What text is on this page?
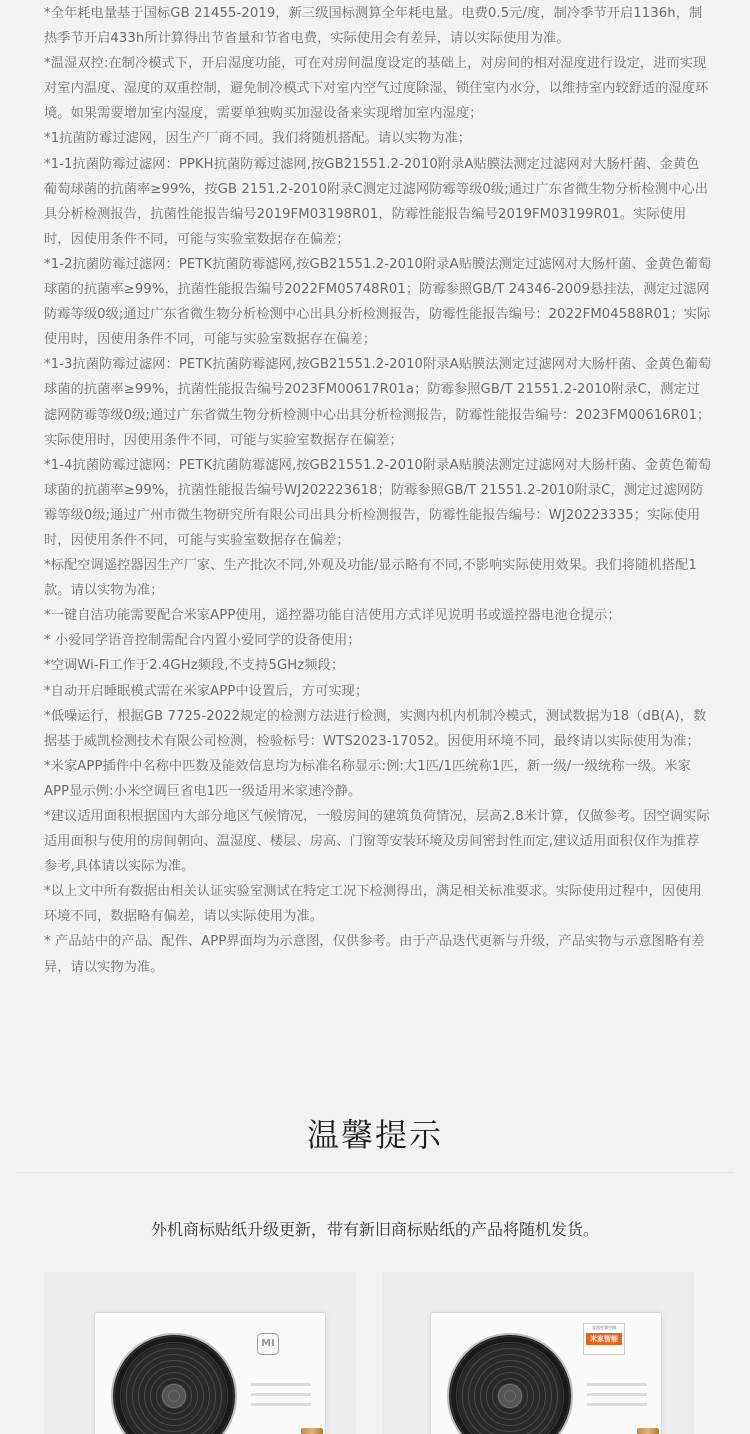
*全年耗电量基于国标GB 21455-2019，新三级国标测算全年耗电量。电费0.5元/度，制冷季节开启1136h，制热季节开启433h所计算得出节省量和节省电费，实际使用会有差异，请以实际使用为准。

*温湿双控:在制冷模式下，开启湿度功能，可在对房间温度设定的基础上，对房间的相对湿度进行设定，进而实现对室内温度、湿度的双重控制，避免制冷模式下对室内空气过度除湿，锁住室内水分，以维持室内较舒适的湿度环境。如果需要增加室内湿度，需要单独购买加湿设备来实现增加室内湿度；

*1抗菌防霉过滤网，因生产厂商不同。我们将随机搭配。请以实物为准；

*1-1抗菌防霉过滤网：PPKH抗菌防霉过滤网,按GB21551.2-2010附录A贴膜法测定过滤网对大肠杆菌、金黄色葡萄球菌的抗菌率≥99%，按GB 2151.2-2010附录C测定过滤网防霉等级0级;通过广东省微生物分析检测中心出具分析检测报告，抗菌性能报告编号2019FM03198R01，防霉性能报告编号2019FM03199R01。实际使用时，因使用条件不同，可能与实验室数据存在偏差；

*1-2抗菌防霉过滤网：PETK抗菌防霉滤网,按GB21551.2-2010附录A贴膜法测定过滤网对大肠杆菌、金黄色葡萄球菌的抗菌率≥99%，抗菌性能报告编号2022FM05748R01；防霉参照GB/T 24346-2009悬挂法，测定过滤网防霉等级0级;通过广东省微生物分析检测中心出具分析检测报告，防霉性能报告编号：2022FM04588R01；实际使用时，因使用条件不同，可能与实验室数据存在偏差；

*1-3抗菌防霉过滤网：PETK抗菌防霉滤网,按GB21551.2-2010附录A贴膜法测定过滤网对大肠杆菌、金黄色葡萄球菌的抗菌率≥99%，抗菌性能报告编号2023FM00617R01a；防霉参照GB/T 21551.2-2010附录C，测定过滤网防霉等级0级;通过广东省微生物分析检测中心出具分析检测报告，防霉性能报告编号：2023FM00616R01；实际使用时，因使用条件不同，可能与实验室数据存在偏差；

*1-4抗菌防霉过滤网：PETK抗菌防霉滤网,按GB21551.2-2010附录A贴膜法测定过滤网对大肠杆菌、金黄色葡萄球菌的抗菌率≥99%，抗菌性能报告编号WJ20222361​8；防霉参照GB/T 21551.2-2010附录C，测定过滤网防霉等级0级;通过广州市微生物研究所有限公司出具分析检测报告，防霉性能报告编号：WJ20223335；实际使用时，因使用条件不同，可能与实验室数据存在偏差；

*标配空调遥控器因生产厂家、生产批次不同,外观及功能/显示略有不同,不影响实际使用效果。我们将随机搭配1款。请以实物为准；

*一键自洁功能需要配合米家APP使用，遥控器功能自洁使用方式详见说明书或遥控器电池仓提示；

* 小爱同学语音控制需配合内置小爱同学的设备使用；

*空调Wi-Fi工作于2.4GHz频段,不支持5GHz频段；

*自动开启睡眠模式需在米家APP中设置后，方可实现；

*低噪运行，根据GB 7725-2022规定的检测方法进行检测，实测内机内机制冷模式，测试数据为18（dB(A)，数据基于威凯检测技术有限公司检测，检验标号：WTS2023-17052。因使用环境不同，最终请以实际使用为准；

*米家APP插件中名称中匹数及能效信息均为标准名称显示:例:大1匹/1匹统称1匹，新一级/一级统称一级。米家APP显示例:小米空调巨省电1匹一级适用米家速冷静。

*建议适用面积根据国内大部分地区气候情况，一般房间的建筑负荷情况，层高2.8米计算，仅做参考。因空调实际适用面积与使用的房间朝向、温湿度、楼层、房高、门窗等安装环境及房间密封性而定,建议适用面积仅作为推荐参考,具体请以实际为准。

*以上文中所有数据由相关认证实验室测试在特定工况下检测得出，满足相关标准要求。实际使用过程中，因使用环境不同，数据略有偏差，请以实际使用为准。

* 产品站中的产品、配件、APP界面均为示意图，仅供参考。由于产品迭代更新与升级，产品实物与示意图略有差异，请以实物为准。

温馨提示
外机商标贴纸升级更新，带有新旧商标贴纸的产品将随机发货。
MI
直流变频空调
米家智能
